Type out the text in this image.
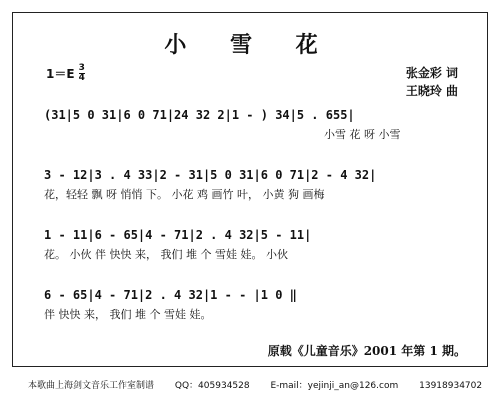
小 雪 花
$1=E \frac{3}{4}$	张金彩 词
王晓玲 曲
(31|5 0 31|6 0 71|24 32 2|1 - ) 34|5 . 655|
小雪 花 呀 小雪
3 - 12|3 . 4 33|2 - 31|5 0 31|6 0 71|2 - 4 32|
花，轻轻 飘 呀 悄悄 下。 小花 鸡 画竹 叶， 小黄 狗 画梅
1 - 11|6 - 65|4 - 71|2 . 4 32|5 - 11|
花。 小伙 伴 快快 来， 我们 堆 个 雪娃 娃。 小伙
6 - 65|4 - 71|2 . 4 32|1 - - |1 0 ‖
伴 快快 来， 我们 堆 个 雪娃 娃。
原载《儿童音乐》2001 年第 1 期。
本歌曲上海剑文音乐工作室制谱 QQ：405934528 E-mail：yejinji_an@126.com 13918934702
